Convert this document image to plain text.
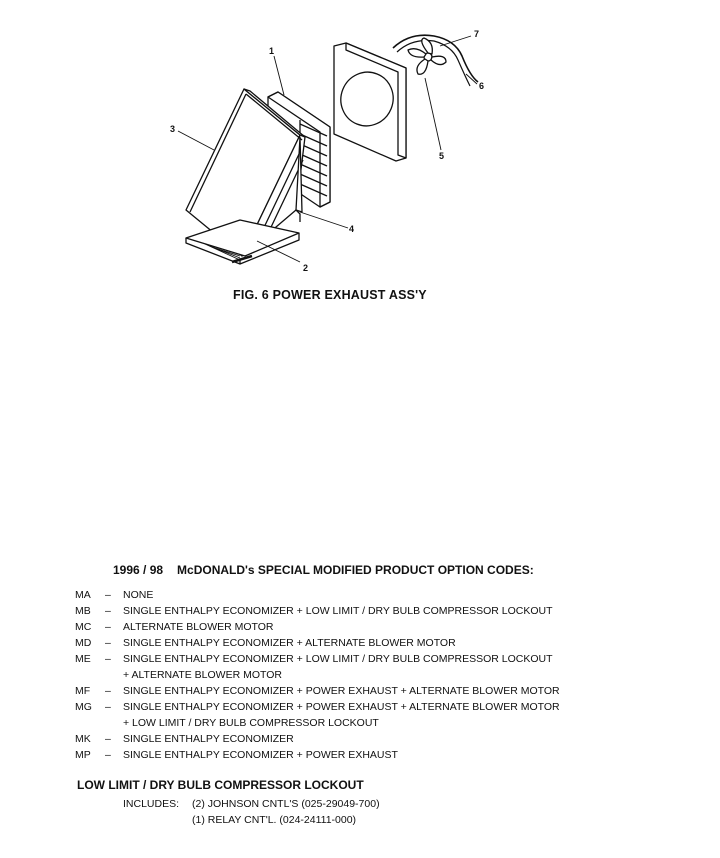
1
2
3
4
5
6
7
FIG. 6 POWER EXHAUST ASS'Y
1996 / 98 McDONALD's SPECIAL MODIFIED PRODUCT OPTION CODES:
MA	–	NONE
MB	–	SINGLE ENTHALPY ECONOMIZER + LOW LIMIT / DRY BULB COMPRESSOR LOCKOUT
MC	–	ALTERNATE BLOWER MOTOR
MD	–	SINGLE ENTHALPY ECONOMIZER + ALTERNATE BLOWER MOTOR
ME	–	SINGLE ENTHALPY ECONOMIZER + LOW LIMIT / DRY BULB COMPRESSOR LOCKOUT
+ ALTERNATE BLOWER MOTOR
MF	–	SINGLE ENTHALPY ECONOMIZER + POWER EXHAUST + ALTERNATE BLOWER MOTOR
MG	–	SINGLE ENTHALPY ECONOMIZER + POWER EXHAUST + ALTERNATE BLOWER MOTOR
+ LOW LIMIT / DRY BULB COMPRESSOR LOCKOUT
MK	–	SINGLE ENTHALPY ECONOMIZER
MP	–	SINGLE ENTHALPY ECONOMIZER + POWER EXHAUST
LOW LIMIT / DRY BULB COMPRESSOR LOCKOUT
INCLUDES:	(2) JOHNSON CNTL'S (025-29049-700)
(1) RELAY CNT'L. (024-24111-000)
